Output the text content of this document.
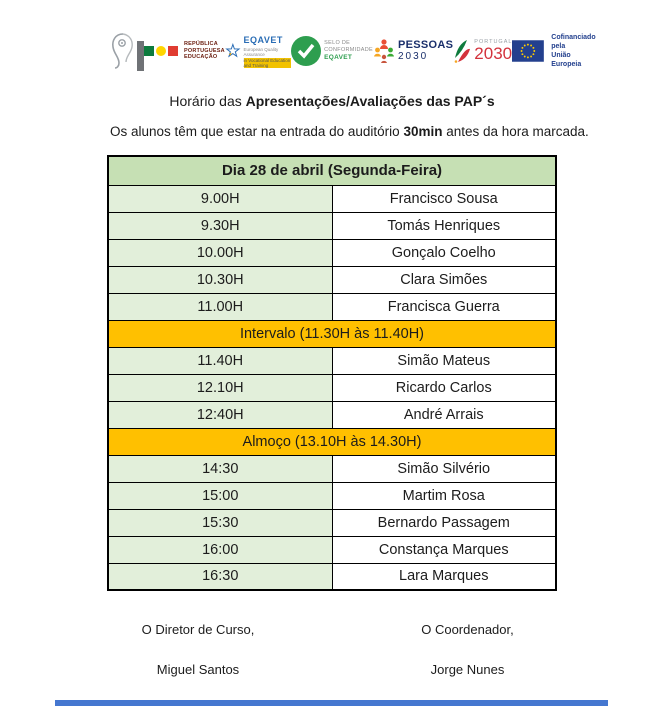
REPÚBLICA
PORTUGUESA
EDUCAÇÃO
EQAVET
European Quality Assurance
in Vocational Education and Training
SELO DE
CONFORMIDADE
EQAVET
PESSOAS
2030
PORTUGAL
2030
Cofinanciado pela
União Europeia
Horário das Apresentações/Avaliações das PAP´s
Os alunos têm que estar na entrada do auditório 30min antes da hora marcada.
Dia 28 de abril (Segunda-Feira)	
9.00H	Francisco Sousa
9.30H	Tomás Henriques
10.00H	Gonçalo Coelho
10.30H	Clara Simões
11.00H	Francisca Guerra
Intervalo (11.30H às 11.40H)	
11.40H	Simão Mateus
12.10H	Ricardo Carlos
12:40H	André Arrais
Almoço (13.10H às 14.30H)	
14:30	Simão Silvério
15:00	Martim Rosa
15:30	Bernardo Passagem
16:00	Constança Marques
16:30	Lara Marques
O Diretor de Curso,
Miguel Santos
O Coordenador,
Jorge Nunes
